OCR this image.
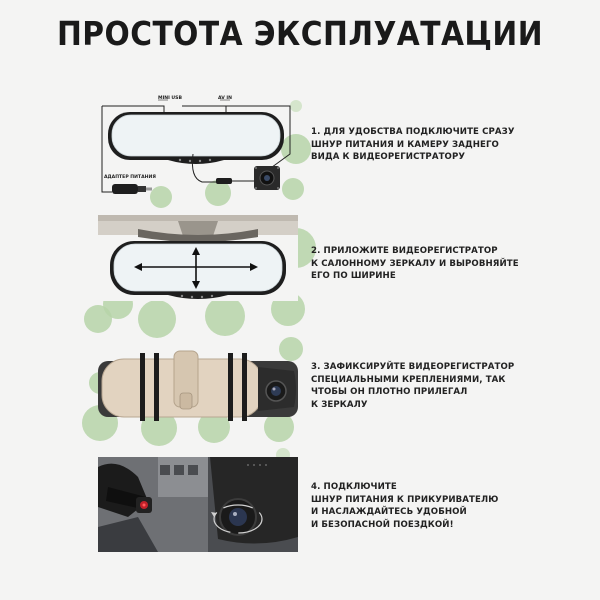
ПРОСТОТА ЭКСПЛУАТАЦИИ
MINI USB	AV IN
АДАПТЕР ПИТАНИЯ
1. ДЛЯ УДОБСТВА ПОДКЛЮЧИТЕ СРАЗУ
ШНУР ПИТАНИЯ И КАМЕРУ ЗАДНЕГО
ВИДА К ВИДЕОРЕГИСТРАТОРУ
2. ПРИЛОЖИТЕ ВИДЕОРЕГИСТРАТОР
К САЛОННОМУ ЗЕРКАЛУ И ВЫРОВНЯЙТЕ
ЕГО ПО ШИРИНЕ
3. ЗАФИКСИРУЙТЕ ВИДЕОРЕГИСТРАТОР
СПЕЦИАЛЬНЫМИ КРЕПЛЕНИЯМИ, ТАК
ЧТОБЫ ОН ПЛОТНО ПРИЛЕГАЛ
К ЗЕРКАЛУ
4. ПОДКЛЮЧИТЕ
ШНУР ПИТАНИЯ К ПРИКУРИВАТЕЛЮ
И НАСЛАЖДАЙТЕСЬ УДОБНОЙ
И БЕЗОПАСНОЙ ПОЕЗДКОЙ!
